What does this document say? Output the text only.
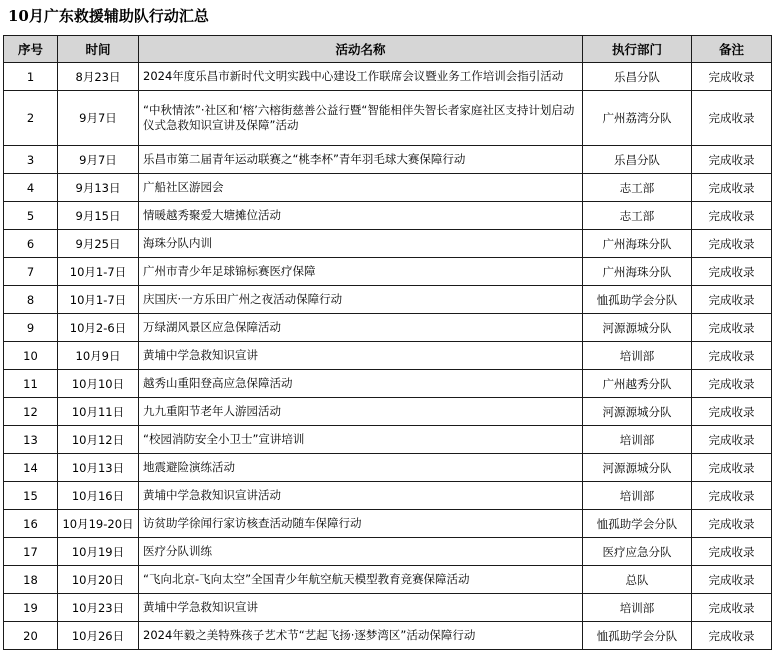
10月广东救援辅助队行动汇总
序号	时间	活动名称	执行部门	备注
1	8月23日	2024年度乐昌市新时代文明实践中心建设工作联席会议暨业务工作培训会指引活动	乐昌分队	完成收录
2	9月7日	“中秋情浓”·社区和‘榕’六榕街慈善公益行暨“智能相伴失智长者家庭社区支持计划启动仪式急救知识宣讲及保障”活动	广州荔湾分队	完成收录
3	9月7日	乐昌市第二届青年运动联赛之“桃李杯”青年羽毛球大赛保障行动	乐昌分队	完成收录
4	9月13日	广船社区游园会	志工部	完成收录
5	9月15日	情暖越秀聚爱大塘摊位活动	志工部	完成收录
6	9月25日	海珠分队内训	广州海珠分队	完成收录
7	10月1-7日	广州市青少年足球锦标赛医疗保障	广州海珠分队	完成收录
8	10月1-7日	庆国庆·一方乐田广州之夜活动保障行动	恤孤助学会分队	完成收录
9	10月2-6日	万绿湖风景区应急保障活动	河源源城分队	完成收录
10	10月9日	黄埔中学急救知识宣讲	培训部	完成收录
11	10月10日	越秀山重阳登高应急保障活动	广州越秀分队	完成收录
12	10月11日	九九重阳节老年人游园活动	河源源城分队	完成收录
13	10月12日	“校园消防安全小卫士”宣讲培训	培训部	完成收录
14	10月13日	地震避险演练活动	河源源城分队	完成收录
15	10月16日	黄埔中学急救知识宣讲活动	培训部	完成收录
16	10月19-20日	访贫助学徐闻行家访核查活动随车保障行动	恤孤助学会分队	完成收录
17	10月19日	医疗分队训练	医疗应急分队	完成收录
18	10月20日	“飞向北京-飞向太空”全国青少年航空航天模型教育竞赛保障活动	总队	完成收录
19	10月23日	黄埔中学急救知识宣讲	培训部	完成收录
20	10月26日	2024年毅之美特殊孩子艺术节“艺起飞扬·逐梦湾区”活动保障行动	恤孤助学会分队	完成收录
